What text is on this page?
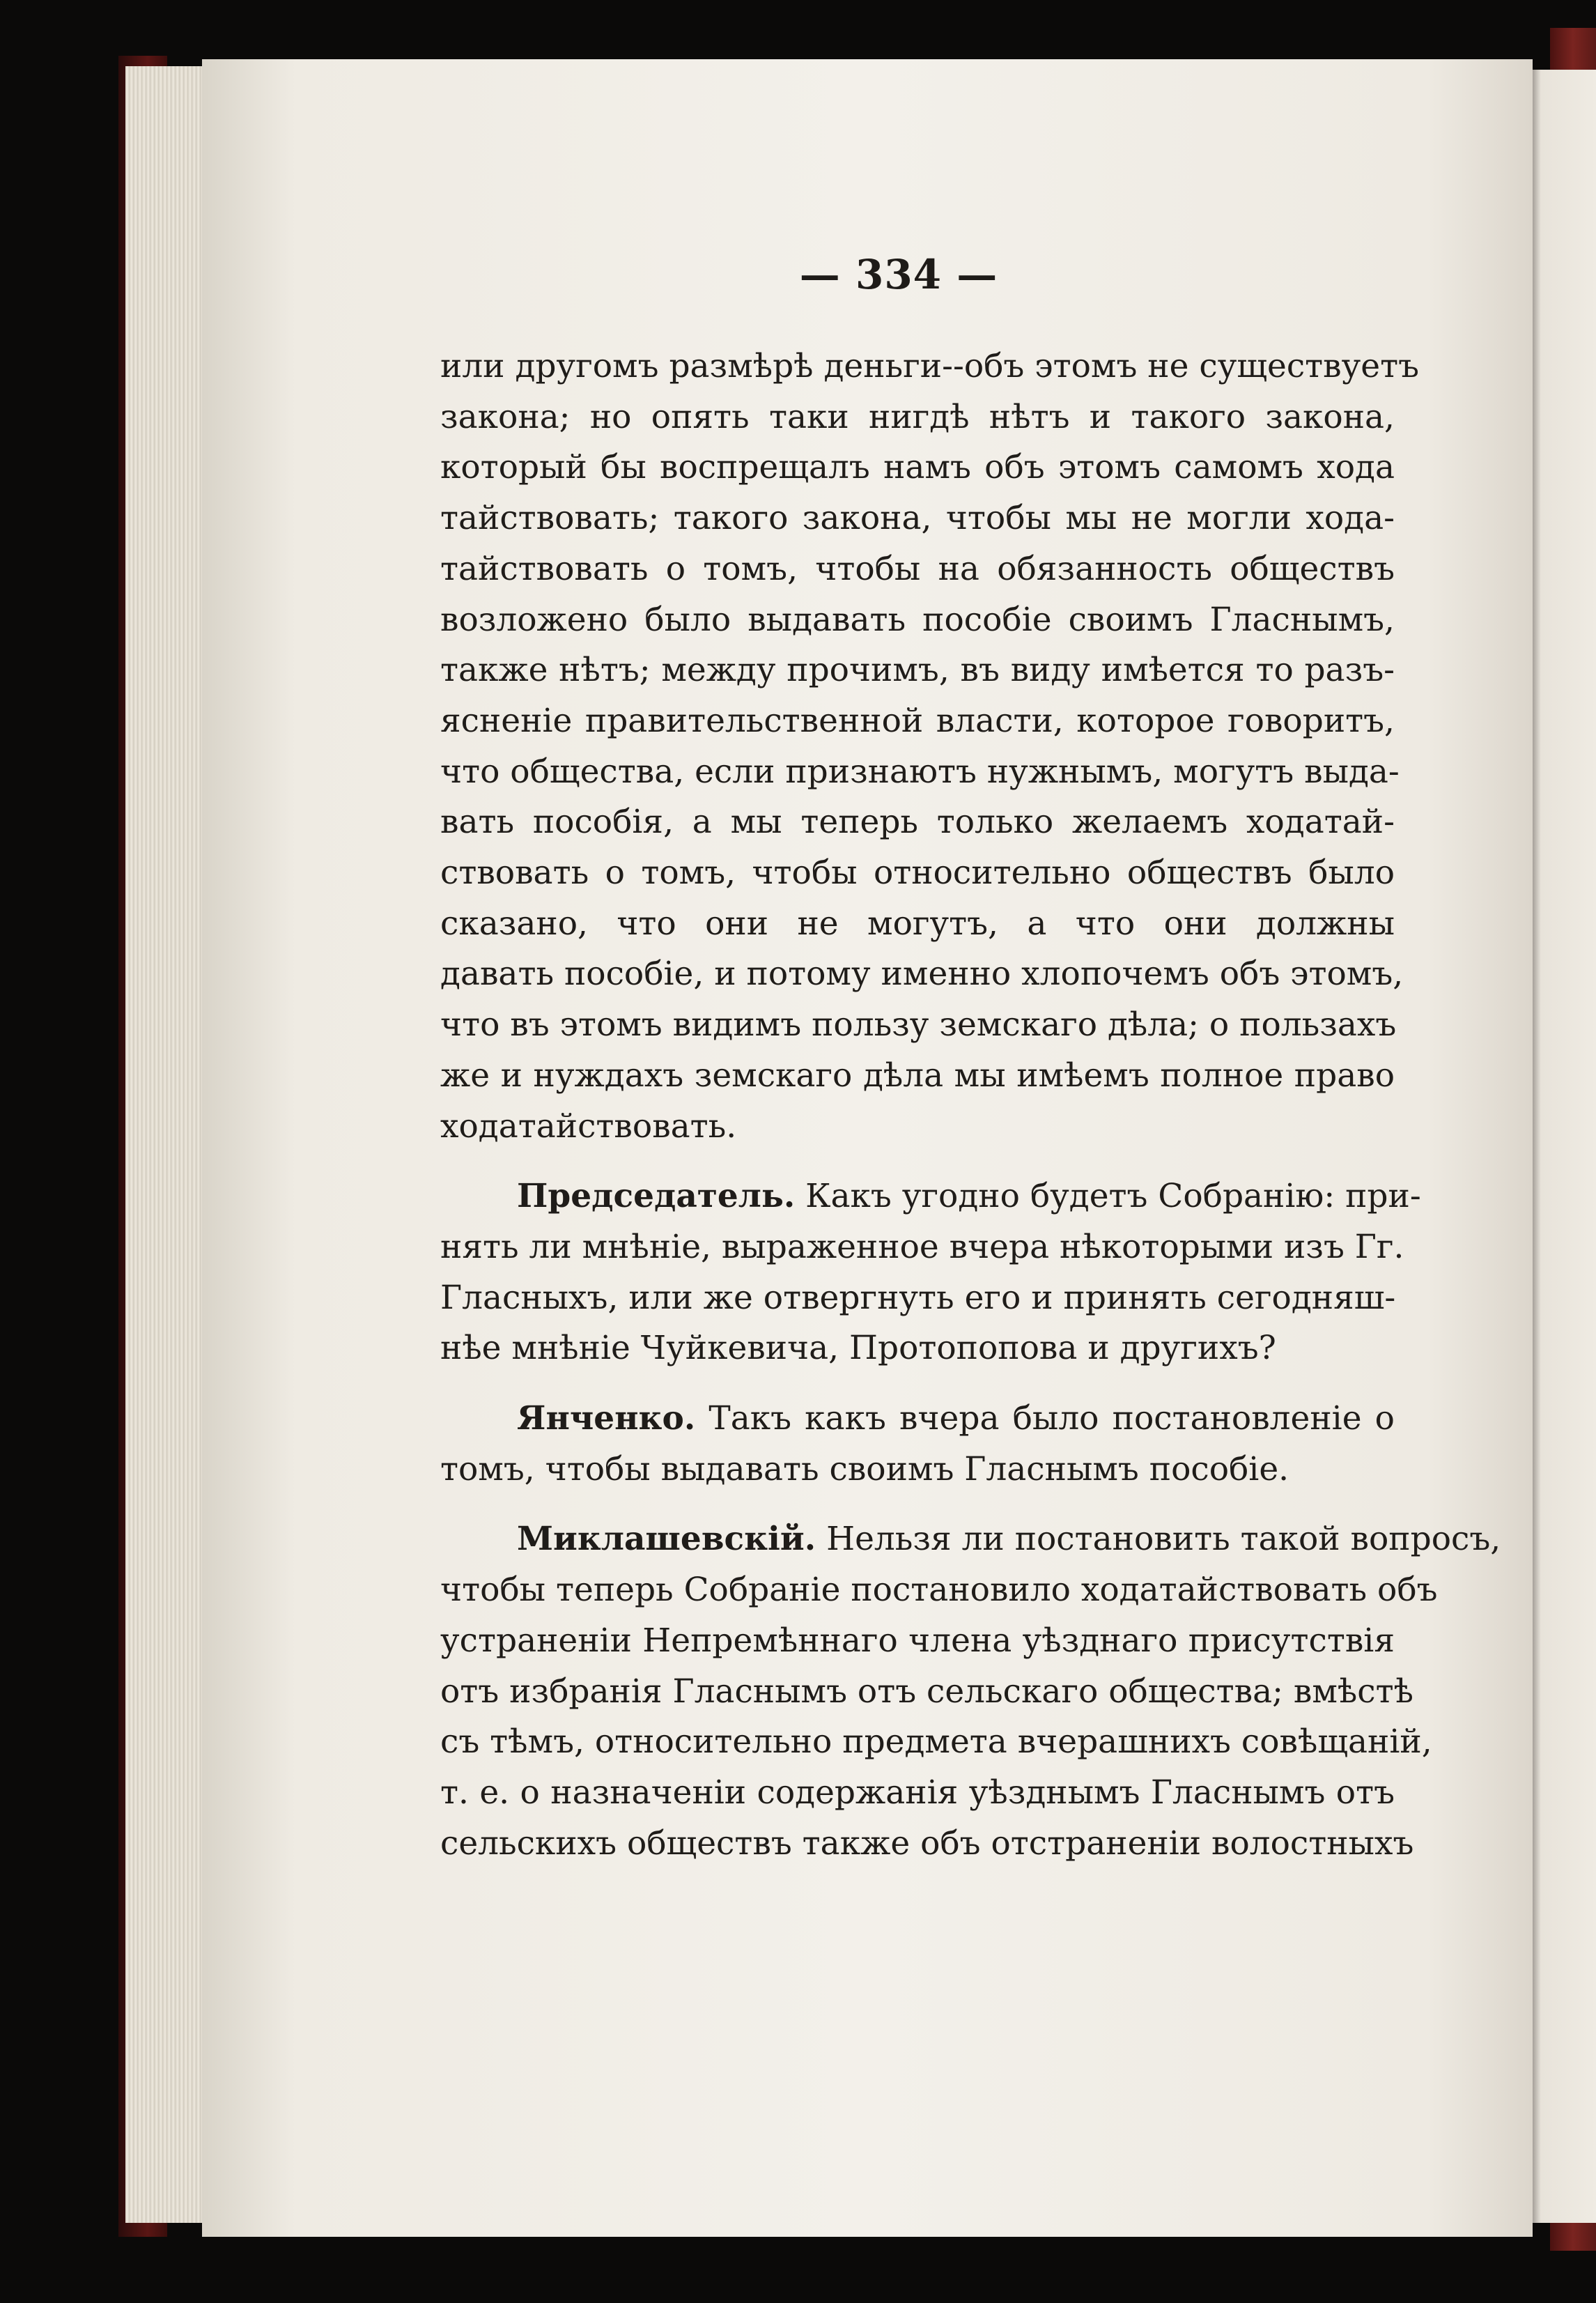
— 334 —
или другомъ размѣрѣ деньги--объ этомъ не существуетъ
закона; но опять таки нигдѣ нѣтъ и такого закона,
который бы воспрещалъ намъ объ этомъ самомъ хода
тайствовать; такого закона, чтобы мы не могли хода-
тайствовать о томъ, чтобы на обязанность обществъ
возложено было выдавать пособіе своимъ Гласнымъ,
также нѣтъ; между прочимъ, въ виду имѣется то разъ-
ясненіе правительственной власти, которое говоритъ,
что общества, если признаютъ нужнымъ, могутъ выда-
вать пособія, а мы теперь только желаемъ ходатай-
ствовать о томъ, чтобы относительно обществъ было
сказано, что они не могутъ, а что они должны
давать пособіе, и потому именно хлопочемъ объ этомъ,
что въ этомъ видимъ пользу земскаго дѣла; о пользахъ
же и нуждахъ земскаго дѣла мы имѣемъ полное право
ходатайствовать.
Председатель. Какъ угодно будетъ Собранію: при-
нять ли мнѣніе, выраженное вчера нѣкоторыми изъ Гг.
Гласныхъ, или же отвергнуть его и принять сегодняш-
нѣе мнѣніе Чуйкевича, Протопопова и другихъ?
Янченко. Такъ какъ вчера было постановленіе о
томъ, чтобы выдавать своимъ Гласнымъ пособіе.
Миклашевскій. Нельзя ли постановить такой вопросъ,
чтобы теперь Собраніе постановило ходатайствовать объ
устраненіи Непремѣннаго члена уѣзднаго присутствія
отъ избранія Гласнымъ отъ сельскаго общества; вмѣстѣ
съ тѣмъ, относительно предмета вчерашнихъ совѣщаній,
т. е. о назначеніи содержанія уѣзднымъ Гласнымъ отъ
сельскихъ обществъ также объ отстраненіи волостныхъ
